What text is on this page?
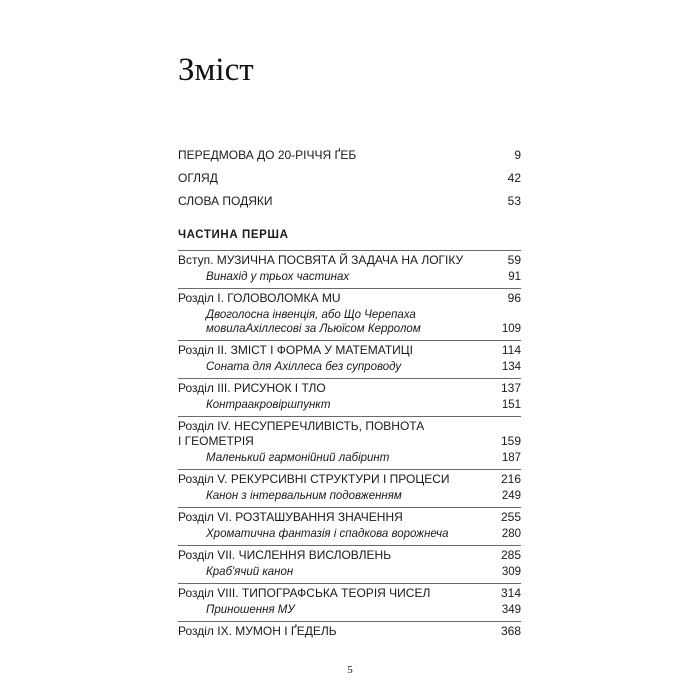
Зміст
ПЕРЕДМОВА ДО 20-РІЧЧЯ ҐЕБ	9
ОГЛЯД	42
СЛОВА ПОДЯКИ	53
ЧАСТИНА ПЕРША
Вступ. МУЗИЧНА ПОСВЯТА Й ЗАДАЧА НА ЛОГІКУ	59
Винахід у трьох частинах	91
Розділ I. ГОЛОВОЛОМКА MU	96
Двоголосна інвенція, або Що Черепаха мовилаАхіллесові за Льюїсом Керролом	109
Розділ II. ЗМІСТ І ФОРМА У МАТЕМАТИЦІ	114
Соната для Ахіллеса без супроводу	134
Розділ III. РИСУНОК І ТЛО	137
Контраакровіршпункт	151
Розділ IV. НЕСУПЕРЕЧЛИВІСТЬ, ПОВНОТА
І ГЕОМЕТРІЯ	159
Маленький гармонійний лабіринт	187
Розділ V. РЕКУРСИВНІ СТРУКТУРИ І ПРОЦЕСИ	216
Канон з інтервальним подовженням	249
Розділ VI. РОЗТАШУВАННЯ ЗНАЧЕННЯ	255
Хроматична фантазія і спадкова ворожнеча	280
Розділ VII. ЧИСЛЕННЯ ВИСЛОВЛЕНЬ	285
Краб'ячий канон	309
Розділ VIII. ТИПОГРАФСЬКА ТЕОРІЯ ЧИСЕЛ	314
Приношення МУ	349
Розділ IX. МУМОН І ҐЕДЕЛЬ	368
5
